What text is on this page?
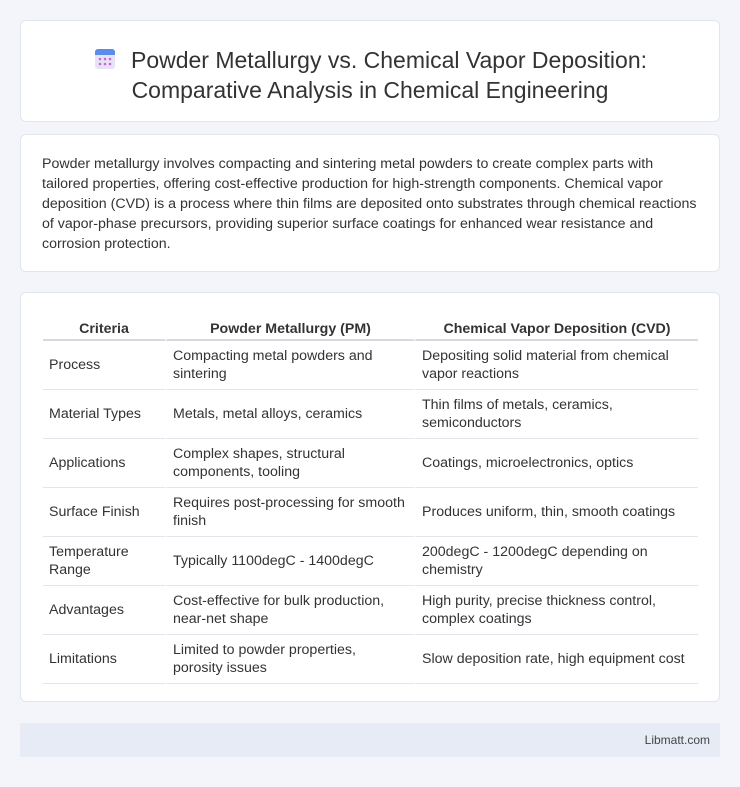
Powder Metallurgy vs. Chemical Vapor Deposition:
Comparative Analysis in Chemical Engineering

Powder metallurgy involves compacting and sintering metal powders to create complex parts with tailored properties, offering cost-effective production for high-strength components. Chemical vapor deposition (CVD) is a process where thin films are deposited onto substrates through chemical reactions of vapor-phase precursors, providing superior surface coatings for enhanced wear resistance and corrosion protection.

Criteria	Powder Metallurgy (PM)	Chemical Vapor Deposition (CVD)
Process	Compacting metal powders and sintering	Depositing solid material from chemical vapor reactions
Material Types	Metals, metal alloys, ceramics	Thin films of metals, ceramics, semiconductors
Applications	Complex shapes, structural components, tooling	Coatings, microelectronics, optics
Surface Finish	Requires post-processing for smooth finish	Produces uniform, thin, smooth coatings
Temperature Range	Typically 1100degC - 1400degC	200degC - 1200degC depending on chemistry
Advantages	Cost-effective for bulk production, near-net shape	High purity, precise thickness control, complex coatings
Limitations	Limited to powder properties, porosity issues	Slow deposition rate, high equipment cost
Libmatt.com
